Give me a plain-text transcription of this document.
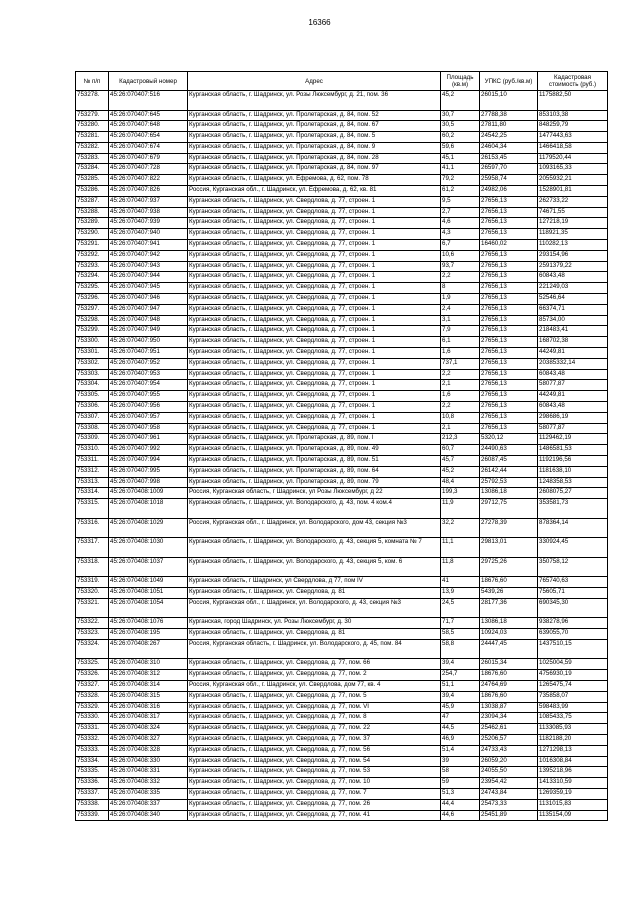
16366
№ п/п	Кадастровый номер	Адрес	Площадь (кв.м)	УПКС (руб./кв.м)	Кадастровая стоимость (руб.)
753278.	45:26:070407:516	Курганская область, г. Шадринск, ул. Розы Люксембург, д. 21, пом. 36	45,2	26015,10	1175882,50
753279.	45:26:070407:645	Курганская область, г. Шадринск, ул. Пролетарская, д. 84, пом. 52	30,7	27788,38	853103,38
753280.	45:26:070407:648	Курганская область, г. Шадринск, ул. Пролетарская, д. 84, пом. 67	30,5	27811,80	848259,79
753281.	45:26:070407:654	Курганская область, г. Шадринск, ул. Пролетарская, д. 84, пом. 5	60,2	24542,25	1477443,63
753282.	45:26:070407:674	Курганская область, г. Шадринск, ул. Пролетарская, д. 84, пом. 9	59,6	24604,34	1466418,58
753283.	45:26:070407:679	Курганская область, г. Шадринск, ул. Пролетарская, д. 84, пом. 28	45,1	26153,45	1179520,44
753284.	45:26:070407:728	Курганская область, г. Шадринск, ул. Пролетарская, д. 84, пом. 97	41,1	26597,70	1093165,33
753285.	45:26:070407:822	Курганская область, г. Шадринск, ул. Ефремова, д. 62, пом. 78	79,2	25958,74	2055932,21
753286.	45:26:070407:826	Россия, Курганская обл., г. Шадринск, ул. Ефремова, д. 62, кв. 81	61,2	24982,06	1528901,81
753287.	45:26:070407:937	Курганская область, г. Шадринск, ул. Свердлова, д. 77, строен. 1	9,5	27656,13	262733,22
753288.	45:26:070407:938	Курганская область, г. Шадринск, ул. Свердлова, д. 77, строен. 1	2,7	27656,13	74671,55
753289.	45:26:070407:939	Курганская область, г. Шадринск, ул. Свердлова, д. 77, строен. 1	4,6	27656,13	127218,19
753290.	45:26:070407:940	Курганская область, г. Шадринск, ул. Свердлова, д. 77, строен. 1	4,3	27656,13	118921,35
753291.	45:26:070407:941	Курганская область, г. Шадринск, ул. Свердлова, д. 77, строен. 1	6,7	16460,02	110282,13
753292.	45:26:070407:942	Курганская область, г. Шадринск, ул. Свердлова, д. 77, строен. 1	10,6	27656,13	293154,96
753293.	45:26:070407:943	Курганская область, г. Шадринск, ул. Свердлова, д. 77, строен. 1	93,7	27656,13	2591379,22
753294.	45:26:070407:944	Курганская область, г. Шадринск, ул. Свердлова, д. 77, строен. 1	2,2	27656,13	60843,48
753295.	45:26:070407:945	Курганская область, г. Шадринск, ул. Свердлова, д. 77, строен. 1	8	27656,13	221249,03
753296.	45:26:070407:946	Курганская область, г. Шадринск, ул. Свердлова, д. 77, строен. 1	1,9	27656,13	52546,64
753297.	45:26:070407:947	Курганская область, г. Шадринск, ул. Свердлова, д. 77, строен. 1	2,4	27656,13	66374,71
753298.	45:26:070407:948	Курганская область, г. Шадринск, ул. Свердлова, д. 77, строен. 1	3,1	27656,13	85734,00
753299.	45:26:070407:949	Курганская область, г. Шадринск, ул. Свердлова, д. 77, строен. 1	7,9	27656,13	218483,41
753300.	45:26:070407:950	Курганская область, г. Шадринск, ул. Свердлова, д. 77, строен. 1	6,1	27656,13	168702,38
753301.	45:26:070407:951	Курганская область, г. Шадринск, ул. Свердлова, д. 77, строен. 1	1,6	27656,13	44249,81
753302.	45:26:070407:952	Курганская область, г. Шадринск, ул. Свердлова, д. 77, строен. 1	737,1	27656,13	20385332,14
753303.	45:26:070407:953	Курганская область, г. Шадринск, ул. Свердлова, д. 77, строен. 1	2,2	27656,13	60843,48
753304.	45:26:070407:954	Курганская область, г. Шадринск, ул. Свердлова, д. 77, строен. 1	2,1	27656,13	58077,87
753305.	45:26:070407:955	Курганская область, г. Шадринск, ул. Свердлова, д. 77, строен. 1	1,6	27656,13	44249,81
753306.	45:26:070407:956	Курганская область, г. Шадринск, ул. Свердлова, д. 77, строен. 1	2,2	27656,13	60843,48
753307.	45:26:070407:957	Курганская область, г. Шадринск, ул. Свердлова, д. 77, строен. 1	10,8	27656,13	298686,19
753308.	45:26:070407:958	Курганская область, г. Шадринск, ул. Свердлова, д. 77, строен. 1	2,1	27656,13	58077,87
753309.	45:26:070407:961	Курганская область, г. Шадринск, ул. Пролетарская, д. 89, пом. I	212,3	5320,12	1129462,19
753310.	45:26:070407:992	Курганская область, г. Шадринск, ул. Пролетарская, д. 89, пом. 49	60,7	24490,63	1486581,53
753311.	45:26:070407:994	Курганская область, г. Шадринск, ул. Пролетарская, д. 89, пом. 51	45,7	26087,45	1192196,56
753312.	45:26:070407:995	Курганская область, г. Шадринск, ул. Пролетарская, д. 89, пом. 64	45,2	26142,44	1181638,10
753313.	45:26:070407:998	Курганская область, г. Шадринск, ул. Пролетарская, д. 89, пом. 79	48,4	25792,53	1248358,53
753314.	45:26:070408:1009	Россия, Курганская область, г Шадринск, ул Розы Люксембург, д 22	199,3	13086,18	2608075,27
753315.	45:26:070408:1018	Курганская область, г. Шадринск, ул. Володарского, д. 43, пом. 4 ком.4	11,9	29712,75	353581,73
753316.	45:26:070408:1029	Россия, Курганская обл., г. Шадринск, ул. Володарского, дом 43, секция №3	32,2	27278,39	878364,14
753317.	45:26:070408:1030	Курганская область, г. Шадринск, ул. Володарского, д. 43, секция 5, комната № 7	11,1	29813,01	330924,45
753318.	45:26:070408:1037	Курганская область, г. Шадринск, ул. Володарского, д. 43, секция 5, ком. 6	11,8	29725,26	350758,12
753319.	45:26:070408:1049	Курганская область, г Шадринск, ул Свердлова, д 77, пом IV	41	18676,60	765740,63
753320.	45:26:070408:1051	Курганская область, г. Шадринск, ул. Свердлова, д. 81	13,9	5439,26	75605,71
753321.	45:26:070408:1054	Россия, Курганская обл., г. Шадринск, ул. Володарского, д. 43, секция №3	24,5	28177,36	690345,30
753322.	45:26:070408:1076	Курганская, город Шадринск, ул. Розы Люксембург, д. 30	71,7	13086,18	938278,96
753323.	45:26:070408:195	Курганская область, г. Шадринск, ул. Свердлова, д. 81	58,5	10924,03	639055,70
753324.	45:26:070408:267	Россия, Курганская область, г. Шадринск, ул. Володарского, д. 45, пом. 84	58,8	24447,45	1437510,15
753325.	45:26:070408:310	Курганская область, г. Шадринск, ул. Свердлова, д. 77, пом. 66	39,4	26015,34	1025004,59
753326.	45:26:070408:312	Курганская область, г. Шадринск, ул. Свердлова, д. 77, пом. 2	254,7	18676,60	4756930,19
753327.	45:26:070408:314	Россия, Курганская обл., г. Шадринск, ул. Свердлова, дом 77, кв. 4	51,1	24764,69	1265475,74
753328.	45:26:070408:315	Курганская область, г. Шадринск, ул. Свердлова, д. 77, пом. 5	39,4	18676,60	735858,07
753329.	45:26:070408:316	Курганская область, г. Шадринск, ул. Свердлова, д. 77, пом. VI	45,9	13038,87	598483,99
753330.	45:26:070408:317	Курганская область, г. Шадринск, ул. Свердлова, д. 77, пом. 8	47	23094,34	1085433,75
753331.	45:26:070408:324	Курганская область, г. Шадринск, ул. Свердлова, д. 77, пом. 22	44,5	25462,61	1133085,93
753332.	45:26:070408:327	Курганская область, г. Шадринск, ул. Свердлова, д. 77, пом. 37	46,9	25206,57	1182188,20
753333.	45:26:070408:328	Курганская область, г. Шадринск, ул. Свердлова, д. 77, пом. 56	51,4	24733,43	1271298,13
753334.	45:26:070408:330	Курганская область, г. Шадринск, ул. Свердлова, д. 77, пом. 54	39	26059,20	1016308,84
753335.	45:26:070408:331	Курганская область, г. Шадринск, ул. Свердлова, д. 77, пом. 53	58	24055,50	1395218,96
753336.	45:26:070408:332	Курганская область, г. Шадринск, ул. Свердлова, д. 77, пом. 10	59	23954,42	1413310,59
753337.	45:26:070408:335	Курганская область, г. Шадринск, ул. Свердлова, д. 77, пом. 7	51,3	24743,84	1269359,19
753338.	45:26:070408:337	Курганская область, г. Шадринск, ул. Свердлова, д. 77, пом. 26	44,4	25473,33	1131015,83
753339.	45:26:070408:340	Курганская область, г. Шадринск, ул. Свердлова, д. 77, пом. 41	44,6	25451,89	1135154,09
